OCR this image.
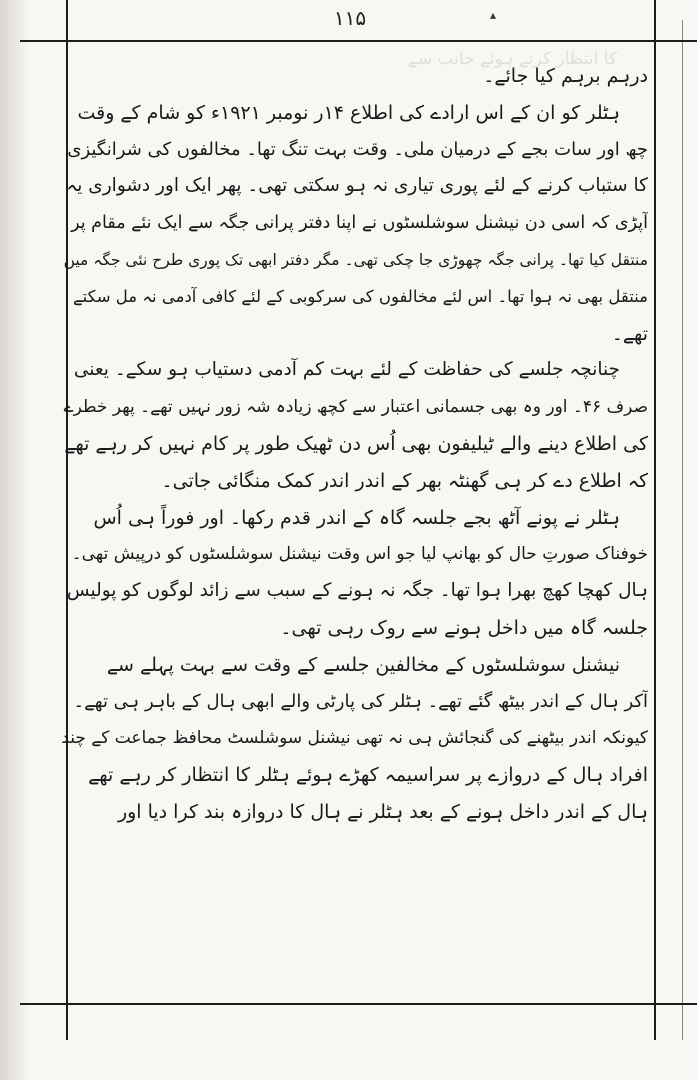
▴
۱۱۵
کا انتظار کرتے ہوئے جانب سے
درہم برہم کیا جائے۔
ہٹلر کو ان کے اس ارادے کی اطلاع ۱۴ر نومبر ۱۹۲۱ء کو شام کے وقت
چھ اور سات بجے کے درمیان ملی۔ وقت بہت تنگ تھا۔ مخالفوں کی شرانگیزی
کا ستباب کرنے کے لئے پوری تیاری نہ ہو سکتی تھی۔ پھر ایک اور دشواری یہ
آپڑی کہ اسی دن نیشنل سوشلسٹوں نے اپنا دفتر پرانی جگہ سے ایک نئے مقام پر
منتقل کیا تھا۔ پرانی جگہ چھوڑی جا چکی تھی۔ مگر دفتر ابھی تک پوری طرح نئی جگہ میں
منتقل بھی نہ ہوا تھا۔ اس لئے مخالفوں کی سرکوبی کے لئے کافی آدمی نہ مل سکتے
تھے۔
چنانچہ جلسے کی حفاظت کے لئے بہت کم آدمی دستیاب ہو سکے۔ یعنی
صرف ۴۶۔ اور وہ بھی جسمانی اعتبار سے کچھ زیادہ شہ زور نہیں تھے۔ پھر خطرے
کی اطلاع دینے والے ٹیلیفون بھی اُس دن ٹھیک طور پر کام نہیں کر رہے تھے
کہ اطلاع دے کر ہی گھنٹہ بھر کے اندر اندر کمک منگائی جاتی۔
ہٹلر نے پونے آٹھ بجے جلسہ گاہ کے اندر قدم رکھا۔ اور فوراً ہی اُس
خوفناک صورتِ حال کو بھانپ لیا جو اس وقت نیشنل سوشلسٹوں کو درپیش تھی۔
ہال کھچا کھچ بھرا ہوا تھا۔ جگہ نہ ہونے کے سبب سے زائد لوگوں کو پولیس
جلسہ گاہ میں داخل ہونے سے روک رہی تھی۔
نیشنل سوشلسٹوں کے مخالفین جلسے کے وقت سے بہت پہلے سے
آکر ہال کے اندر بیٹھ گئے تھے۔ ہٹلر کی پارٹی والے ابھی ہال کے باہر ہی تھے۔
کیونکہ اندر بیٹھنے کی گنجائش ہی نہ تھی نیشنل سوشلسٹ محافظ جماعت کے چند
افراد ہال کے دروازے پر سراسیمہ کھڑے ہوئے ہٹلر کا انتظار کر رہے تھے
ہال کے اندر داخل ہونے کے بعد ہٹلر نے ہال کا دروازہ بند کرا دیا اور
